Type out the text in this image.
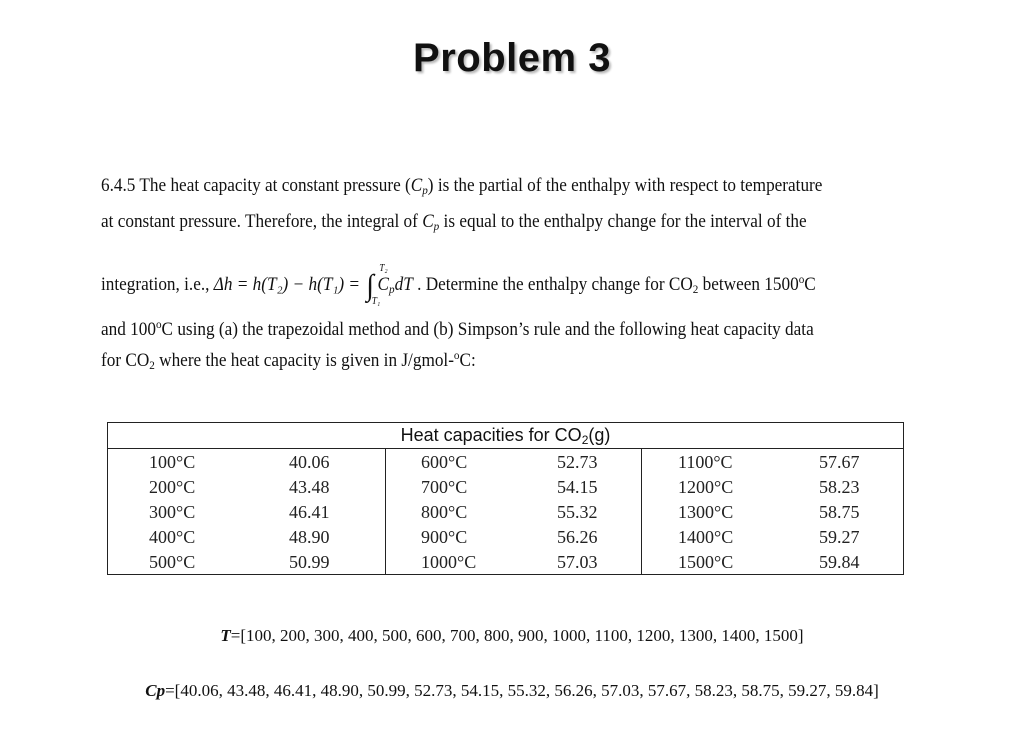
Problem 3
6.4.5 The heat capacity at constant pressure $(C_p)$ is the partial of the enthalpy with respect to temperature
at constant pressure. Therefore, the integral of $C_p$ is equal to the enthalpy change for the interval of the
integration, i.e., Δh = h(T₂) − h(T₁) = ∫
T₂
T₁
$C_pdT$ . Determine the enthalpy change for $CO_2$ between 1500$^o$C
and 100$^o$C using (a) the trapezoidal method and (b) Simpson’s rule and the following heat capacity data
for $CO_2$ where the heat capacity is given in J/gmol-$^o$C:
Heat capacities for CO2(g)
100°C
200°C
300°C
400°C
500°C
40.06
43.48
46.41
48.90
50.99
600°C
700°C
800°C
900°C
1000°C
52.73
54.15
55.32
56.26
57.03
1100°C
1200°C
1300°C
1400°C
1500°C
57.67
58.23
58.75
59.27
59.84
T=[100, 200, 300, 400, 500, 600, 700, 800, 900, 1000, 1100, 1200, 1300, 1400, 1500]
Cp=[40.06, 43.48, 46.41, 48.90, 50.99, 52.73, 54.15, 55.32, 56.26, 57.03, 57.67, 58.23, 58.75, 59.27, 59.84]
